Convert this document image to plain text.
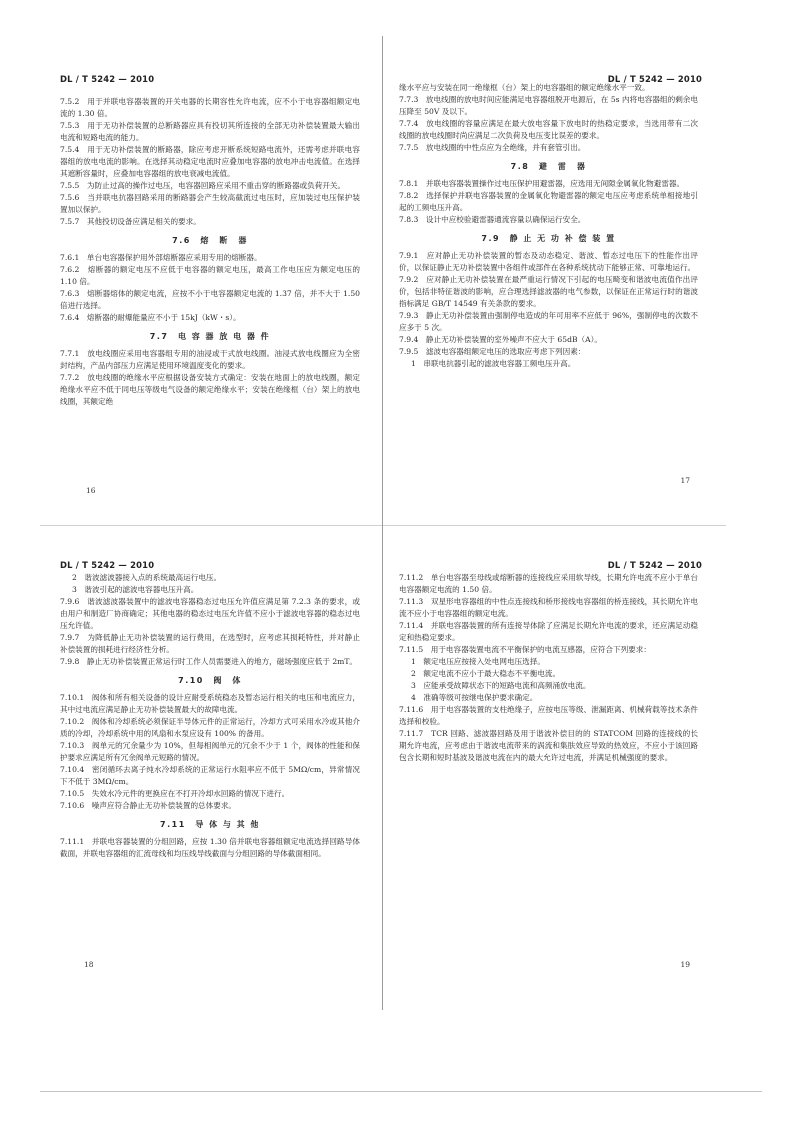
DL / T 5242 — 2010
7.5.2　用于并联电容器装置的开关电器的长期容性允许电流，应不小于电容器组额定电流的 1.30 倍。
7.5.3　用于无功补偿装置的总断路器应具有投切其所连接的全部无功补偿装置最大输出电流和短路电流的能力。
7.5.4　用于无功补偿装置的断路器，除应考虑开断系统短路电流外，还需考虑并联电容器组的放电电流的影响。在选择其动稳定电流时应叠加电容器的放电冲击电流值。在选择其遮断容量时，应叠加电容器组的放电衰减电流值。
7.5.5　为防止过高的操作过电压，电容器回路应采用不重击穿的断路器或负荷开关。
7.5.6　当并联电抗器回路采用的断路器会产生较高截流过电压时，应加装过电压保护装置加以保护。
7.5.7　其他投切设备应满足相关的要求。
7.6　熔　断　器
7.6.1　单台电容器保护用外部熔断器应采用专用的熔断器。
7.6.2　熔断器的额定电压不应低于电容器的额定电压，最高工作电压应为额定电压的 1.10 倍。
7.6.3　熔断器熔体的额定电流，应按不小于电容器额定电流的 1.37 倍，并不大于 1.50 倍进行选择。
7.6.4　熔断器的耐爆能量应不小于 15kJ（kW・s）。
7.7　电 容 器 放 电 器 件
7.7.1　放电线圈应采用电容器组专用的油浸或干式放电线圈。油浸式放电线圈应为全密封结构，产品内部压力应满足使用环境温度变化的要求。
7.7.2　放电线圈的绝缘水平应根据设备安装方式确定：安装在地面上的放电线圈，额定绝缘水平应不低于同电压等级电气设备的额定绝缘水平；安装在绝缘框（台）架上的放电线圈，其额定绝
16
DL / T 5242 — 2010
缘水平应与安装在同一绝缘框（台）架上的电容器组的额定绝缘水平一致。
7.7.3　放电线圈的放电时间应能满足电容器组脱开电源后，在 5s 内将电容器组的剩余电压降至 50V 及以下。
7.7.4　放电线圈的容量应满足在最大放电容量下放电时的热稳定要求，当选用带有二次线圈的放电线圈时尚应满足二次负荷及电压变比误差的要求。
7.7.5　放电线圈的中性点应为全绝缘，并有套管引出。
7.8　避　雷　器
7.8.1　并联电容器装置操作过电压保护用避雷器，应选用无间隙金属氧化物避雷器。
7.8.2　选择保护并联电容器装置的金属氧化物避雷器的额定电压应考虑系统单相接地引起的工频电压升高。
7.8.3　设计中应校验避雷器通流容量以确保运行安全。
7.9　静 止 无 功 补 偿 装 置
7.9.1　应对静止无功补偿装置的暂态及动态稳定、谐波、暂态过电压下的性能作出评价，以保证静止无功补偿装置中各组件或部件在各种系统扰动下能够正常、可靠地运行。
7.9.2　应对静止无功补偿装置在最严重运行情况下引起的电压畸变和谐波电流值作出评价，包括非特征谐波的影响，应合理选择滤波器的电气参数，以保证在正常运行时的谐波指标满足 GB/T 14549 有关条款的要求。
7.9.3　静止无功补偿装置由强制停电造成的年可用率不应低于 96%，强制停电的次数不应多于 5 次。
7.9.4　静止无功补偿装置的室外噪声不应大于 65dB（A）。
7.9.5　滤波电容器组额定电压的选取应考虑下列因素：
1　串联电抗器引起的滤波电容器工频电压升高。
17
DL / T 5242 — 2010
2　谐波滤波器接入点的系统最高运行电压。
3　谐波引起的滤波电容器电压升高。
7.9.6　谐波滤波器装置中的滤波电容器稳态过电压允许值应满足第 7.2.3 条的要求，或由用户和制造厂协商确定；其他电器的稳态过电压允许值不应小于滤波电容器的稳态过电压允许值。
7.9.7　为降低静止无功补偿装置的运行费用，在选型时，应考虑其损耗特性，并对静止补偿装置的损耗进行经济性分析。
7.9.8　静止无功补偿装置正常运行时工作人员需要进入的地方，磁场强度应低于 2mT。
7.10　阀　体
7.10.1　阀体和所有相关设备的设计应耐受系统稳态及暂态运行相关的电压和电流应力，其中过电流应满足静止无功补偿装置最大的故障电流。
7.10.2　阀体和冷却系统必须保证半导体元件的正常运行，冷却方式可采用水冷或其他介质的冷却，冷却系统中用的风扇和水泵应设有 100% 的备用。
7.10.3　阀单元的冗余量少为 10%，但每相阀单元的冗余不少于 1 个，阀体的性能和保护要求应满足所有冗余阀单元短路的情况。
7.10.4　密闭循环去离子纯水冷却系统的正常运行水阻率应不低于 5MΩ/cm，异常情况下不低于 3MΩ/cm。
7.10.5　失效水冷元件的更换应在不打开冷却水回路的情况下进行。
7.10.6　噪声应符合静止无功补偿装置的总体要求。
7.11　导 体 与 其 他
7.11.1　并联电容器装置的分组回路，应按 1.30 倍并联电容器组额定电流选择回路导体截面，并联电容器组的汇流母线和均压线导线截面与分组回路的导体截面相同。
18
DL / T 5242 — 2010
7.11.2　单台电容器至母线或熔断器的连接线应采用软导线，长期允许电流不应小于单台电容器额定电流的 1.50 倍。
7.11.3　双星形电容器组的中性点连接线和桥形接线电容器组的桥连接线，其长期允许电流不应小于电容器组的额定电流。
7.11.4　并联电容器装置的所有连接导体除了应满足长期允许电流的要求，还应满足动稳定和热稳定要求。
7.11.5　用于电容器装置电流不平衡保护的电流互感器，应符合下列要求：
1　额定电压应按接入处电网电压选择。
2　额定电流不应小于最大稳态不平衡电流。
3　应能承受故障状态下的短路电流和高频涌放电流。
4　准确等级可按继电保护要求确定。
7.11.6　用于电容器装置的支柱绝缘子，应按电压等级、泄漏距离、机械荷载等技术条件选择和校验。
7.11.7　TCR 回路、滤波器回路及用于谐波补偿目的的 STATCOM 回路的连接线的长期允许电流，应考虑由于谐波电流带来的涡流和集肤效应导致的热效应，不应小于该回路包含长期和短时基波及谐波电流在内的最大允许过电流，并满足机械强度的要求。
19
